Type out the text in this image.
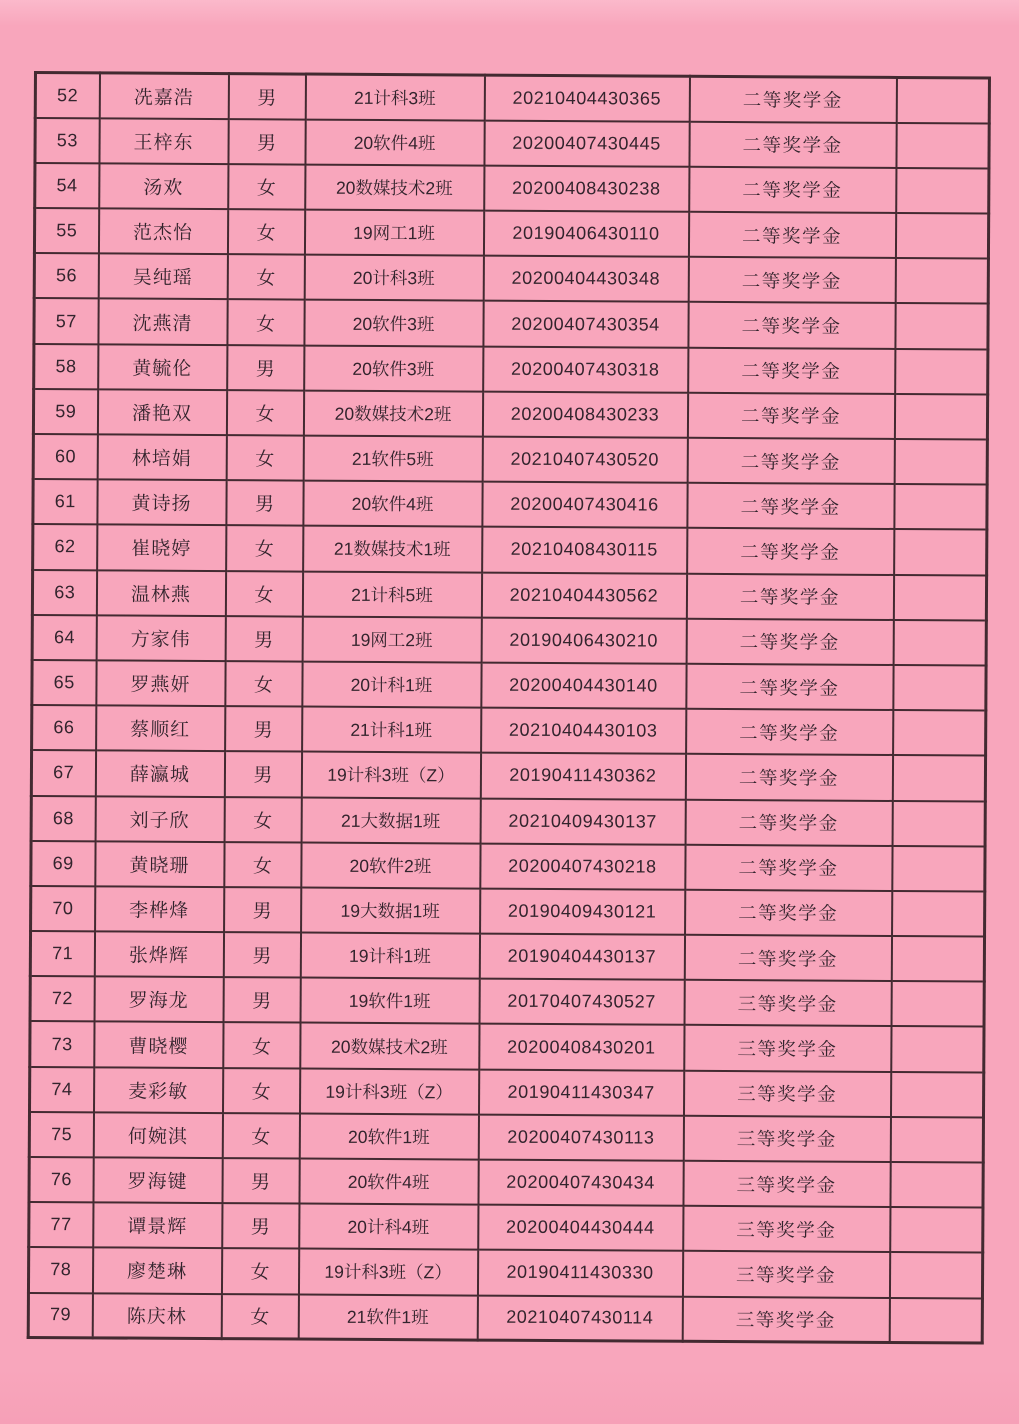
52	冼嘉浩	男	21计科3班	20210404430365	二等奖学金	
53	王梓东	男	20软件4班	20200407430445	二等奖学金	
54	汤欢	女	20数媒技术2班	20200408430238	二等奖学金	
55	范杰怡	女	19网工1班	20190406430110	二等奖学金	
56	吴纯瑶	女	20计科3班	20200404430348	二等奖学金	
57	沈燕清	女	20软件3班	20200407430354	二等奖学金	
58	黄毓伦	男	20软件3班	20200407430318	二等奖学金	
59	潘艳双	女	20数媒技术2班	20200408430233	二等奖学金	
60	林培娟	女	21软件5班	20210407430520	二等奖学金	
61	黄诗扬	男	20软件4班	20200407430416	二等奖学金	
62	崔晓婷	女	21数媒技术1班	20210408430115	二等奖学金	
63	温林燕	女	21计科5班	20210404430562	二等奖学金	
64	方家伟	男	19网工2班	20190406430210	二等奖学金	
65	罗燕妍	女	20计科1班	20200404430140	二等奖学金	
66	蔡顺红	男	21计科1班	20210404430103	二等奖学金	
67	薛瀛城	男	19计科3班（Z）	20190411430362	二等奖学金	
68	刘子欣	女	21大数据1班	20210409430137	二等奖学金	
69	黄晓珊	女	20软件2班	20200407430218	二等奖学金	
70	李桦烽	男	19大数据1班	20190409430121	二等奖学金	
71	张烨辉	男	19计科1班	20190404430137	二等奖学金	
72	罗海龙	男	19软件1班	20170407430527	三等奖学金	
73	曹晓樱	女	20数媒技术2班	20200408430201	三等奖学金	
74	麦彩敏	女	19计科3班（Z）	20190411430347	三等奖学金	
75	何婉淇	女	20软件1班	20200407430113	三等奖学金	
76	罗海键	男	20软件4班	20200407430434	三等奖学金	
77	谭景辉	男	20计科4班	20200404430444	三等奖学金	
78	廖楚琳	女	19计科3班（Z）	20190411430330	三等奖学金	
79	陈庆林	女	21软件1班	20210407430114	三等奖学金	
